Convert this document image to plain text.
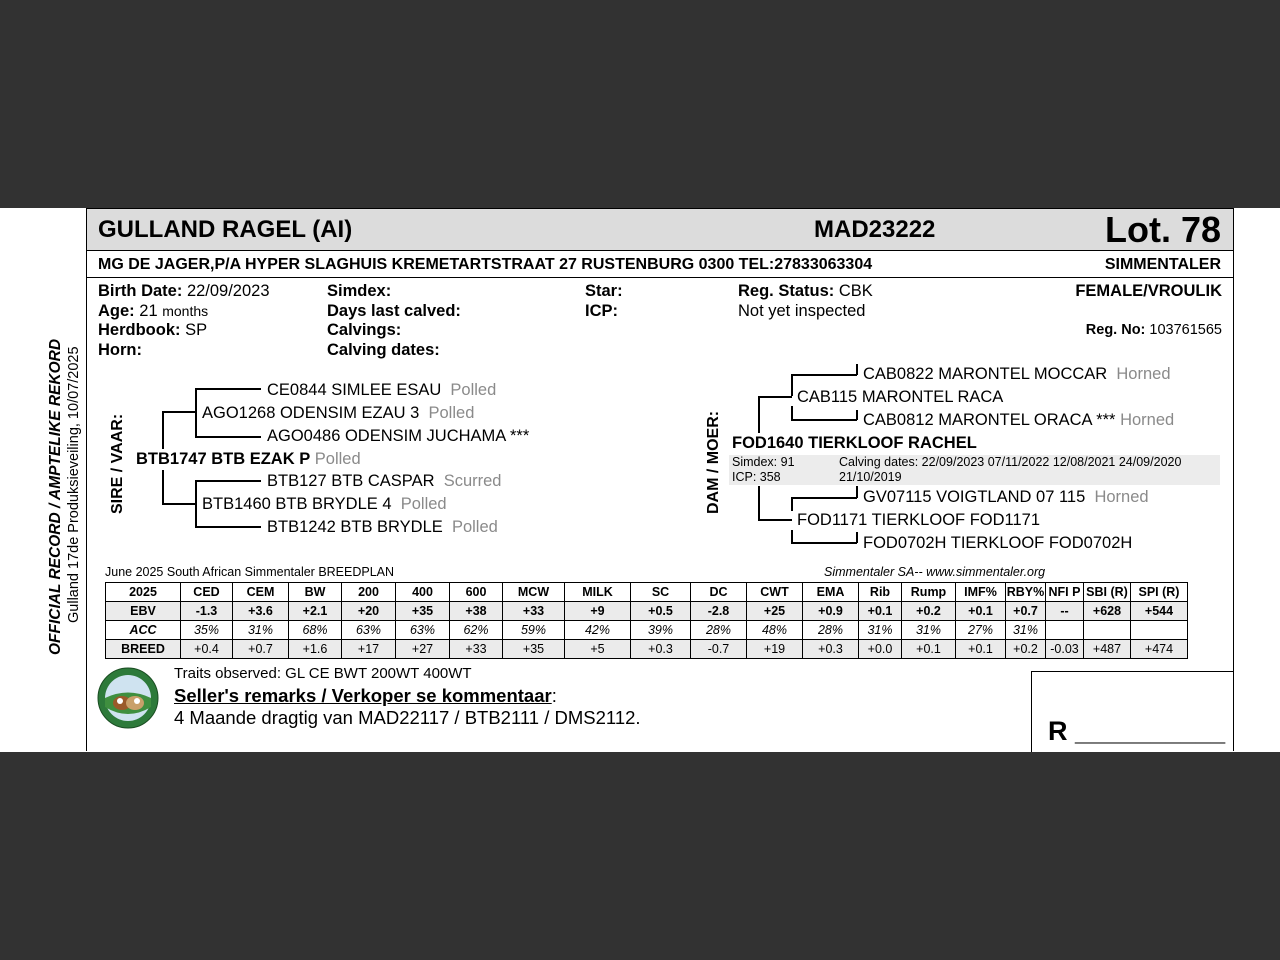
GULLAND RAGEL (AI)	MAD23222	Lot. 78
MG DE JAGER,P/A HYPER SLAGHUIS KREMETARTSTRAAT 27 RUSTENBURG 0300 TEL:27833063304	SIMMENTALER
Birth Date: 22/09/2023
Age: 21 months
Herdbook: SP
Horn:
Simdex:
Days last calved:
Calvings:
Calving dates:
Star:
ICP:
Reg. Status: CBK
Not yet inspected
FEMALE/VROULIK
Reg. No: 103761565
OFFICIAL RECORD / AMPTELIKE REKORD Gulland 17de Produksieveiling, 10/07/2025 SIRE / VAAR:
CE0844 SIMLEE ESAU Polled
AGO1268 ODENSIM EZAU 3 Polled
AGO0486 ODENSIM JUCHAMA ***
BTB1747 BTB EZAK P Polled
BTB127 BTB CASPAR Scurred
BTB1460 BTB BRYDLE 4 Polled
BTB1242 BTB BRYDLE Polled
DAM / MOER:
CAB0822 MARONTEL MOCCAR Horned
CAB115 MARONTEL RACA
CAB0812 MARONTEL ORACA *** Horned
FOD1640 TIERKLOOF RACHEL
Simdex: 91
ICP: 358
Calving dates: 22/09/2023 07/11/2022 12/08/2021 24/09/2020
21/10/2019
GV07115 VOIGTLAND 07 115 Horned
FOD1171 TIERKLOOF FOD1171
FOD0702H TIERKLOOF FOD0702H
June 2025 South African Simmentaler BREEDPLAN	Simmentaler SA-- www.simmentaler.org
2025	CED	CEM	BW	200	400	600	MCW	MILK	SC	DC	CWT	EMA	Rib	Rump	IMF%	RBY%	NFI P	SBI (R)	SPI (R)
EBV	-1.3	+3.6	+2.1	+20	+35	+38	+33	+9	+0.5	-2.8	+25	+0.9	+0.1	+0.2	+0.1	+0.7	--	+628	+544
ACC	35%	31%	68%	63%	63%	62%	59%	42%	39%	28%	48%	28%	31%	31%	27%	31%			
BREED	+0.4	+0.7	+1.6	+17	+27	+33	+35	+5	+0.3	-0.7	+19	+0.3	+0.0	+0.1	+0.1	+0.2	-0.03	+487	+474
Traits observed: GL CE BWT 200WT 400WT
Seller's remarks / Verkoper se kommentaar:
4 Maande dragtig van MAD22117 / BTB2111 / DMS2112.	R __________
